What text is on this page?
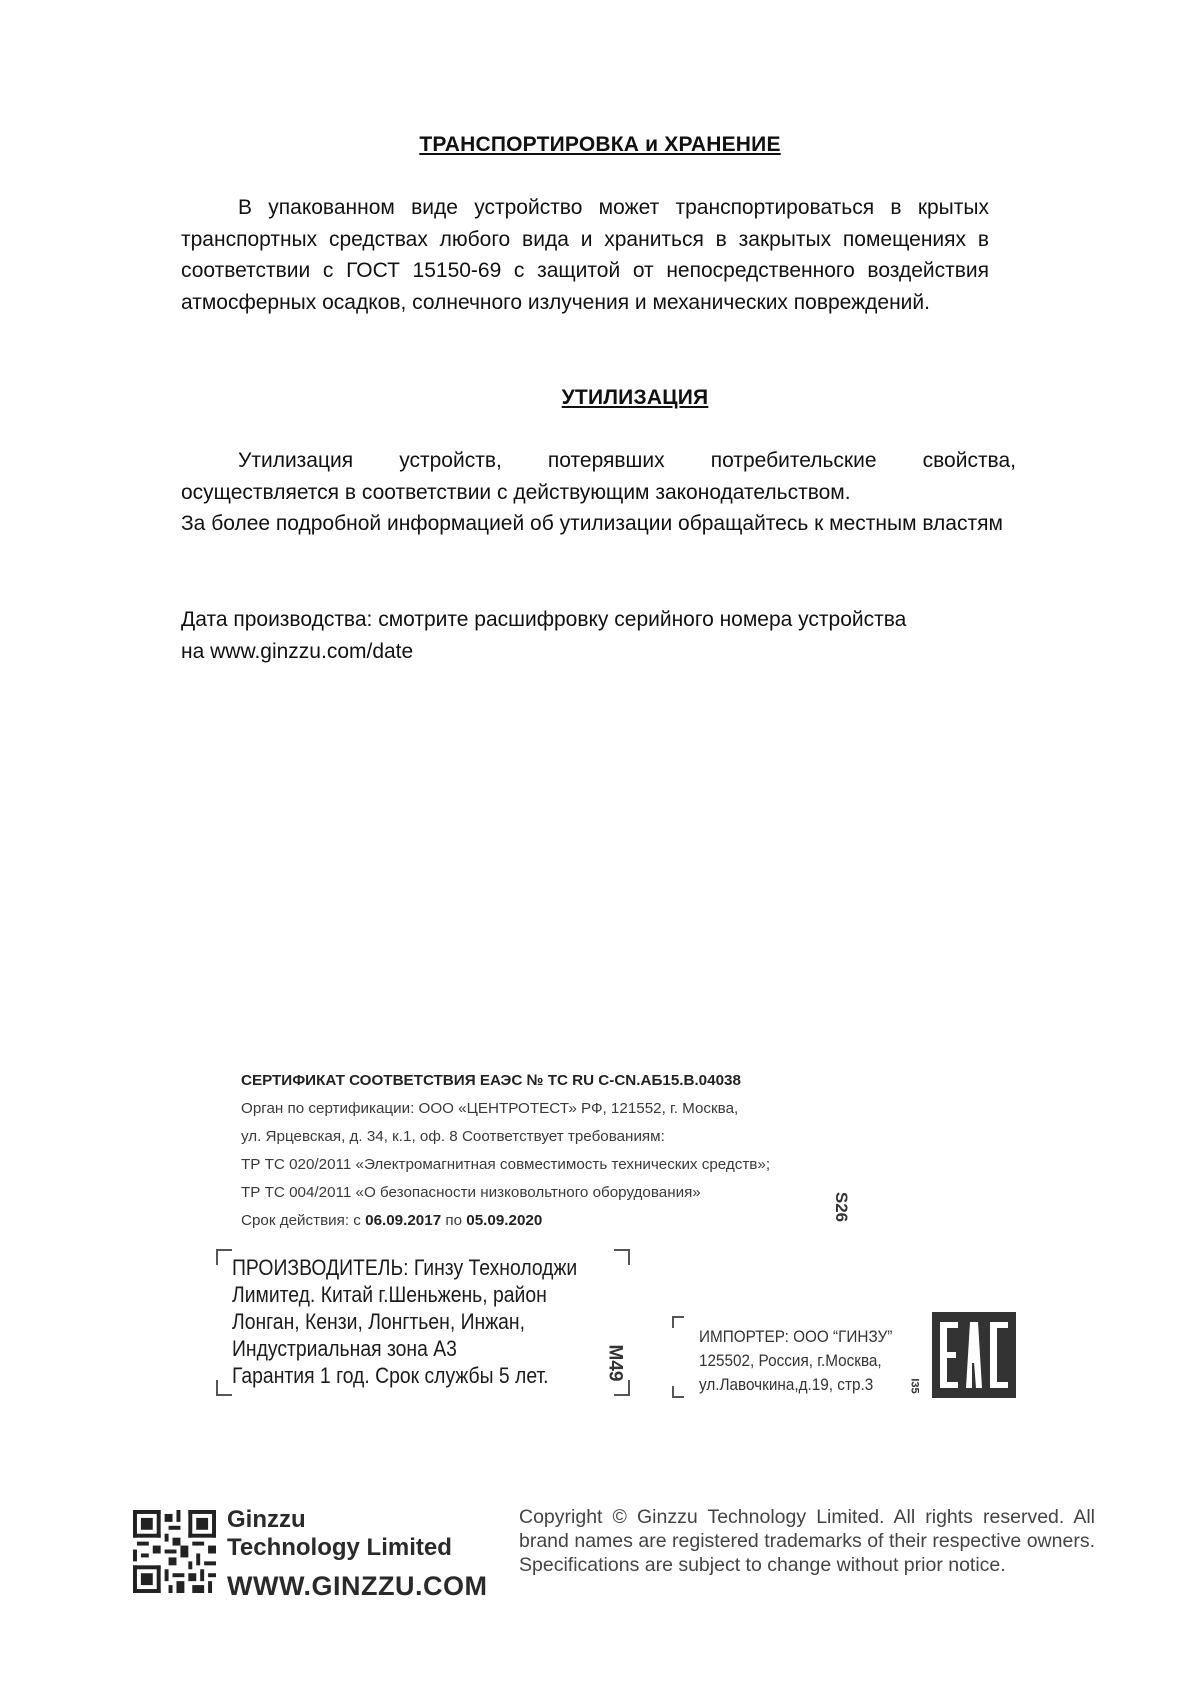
ТРАНСПОРТИРОВКА и ХРАНЕНИЕ

В упакованном виде устройство может транспортироваться в крытых транспортных средствах любого вида и храниться в закрытых помещениях в соответствии с ГОСТ 15150-69 с защитой от непосредственного воздействия атмосферных осадков, солнечного излучения и механических повреждений.

УТИЛИЗАЦИЯ

Утилизация устройств, потерявших потребительские свойства, осуществляется в соответствии с действующим законодательством.

За более подробной информацией об утилизации обращайтесь к местным властям

Дата производства: смотрите расшифровку серийного номера устройства

на www.ginzzu.com/date

СЕРТИФИКАТ СООТВЕТСТВИЯ ЕАЭС № ТС RU С-CN.АБ15.В.04038
Орган по сертификации: ООО «ЦЕНТРОТЕСТ» РФ, 121552, г. Москва,
ул. Ярцевская, д. 34, к.1, оф. 8 Соответствует требованиям:
ТР ТС 020/2011 «Электромагнитная совместимость технических средств»;
ТР ТС 004/2011 «О безопасности низковольтного оборудования»
Срок действия: с 06.09.2017 по 05.09.2020	S26
ПРОИЗВОДИТЕЛЬ: Гинзу Технолоджи
Лимитед. Китай г.Шеньжень, район
Лонган, Кензи, Лонгтьен, Инжан,
Индустриальная зона А3
Гарантия 1 год. Срок службы 5 лет.	M49
ИМПОРТЕР: ООО “ГИНЗУ”
125502, Россия, г.Москва,
ул.Лавочкина,д.19, стр.3	I35
EAC
Ginzzu
Technology Limited
WWW.GINZZU.COM
Copyright © Ginzzu Technology Limited. All rights reserved. All brand names are registered trademarks of their respective owners. Specifications are subject to change without prior notice.
